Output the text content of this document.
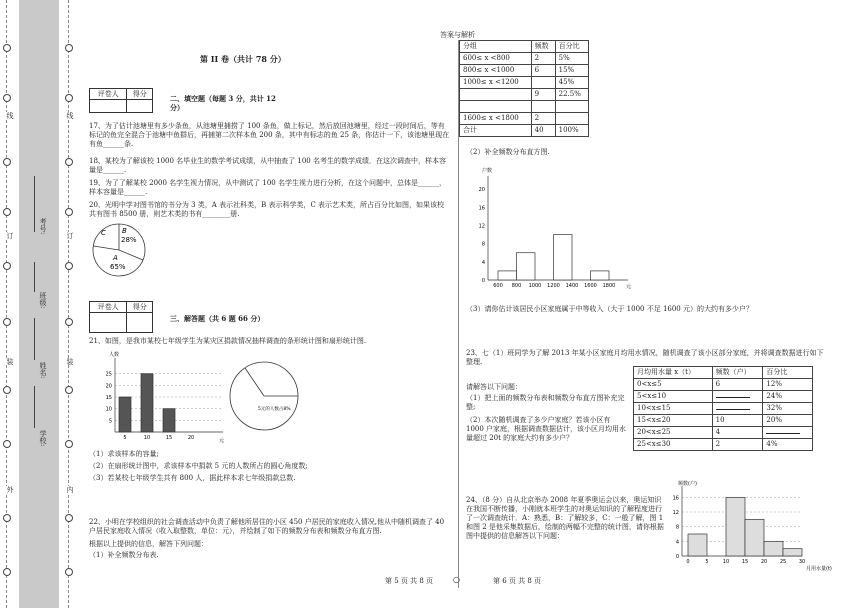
线
订
装
外
线
订
装
内
考号:
班级:
姓名:
学校:
答案与解析
第 II 卷（共计 78 分）
评卷人	得分
		二、填空题（每题 3 分，共计 12 分）
17、为了估计池塘里有多少条鱼，从池塘里捕捞了 100 条鱼，做上标记，然后放回池塘里，经过一段时间后，等有标记的鱼完全混合于池塘中鱼群后，再捕第二次样本鱼 200 条，其中有标志的鱼 25 条，你估计一下，该池塘里现在有鱼______条.
18、某校为了解该校 1000 名毕业生的数学考试成绩，从中抽查了 100 名考生的数学成绩．在这次调查中，样本容量是______.
19、为了了解某校 2000 名学生视力情况，从中测试了 100 名学生视力进行分析，在这个问题中，总体是______，样本容量是______.
20、光明中学对图书馆的书分为 3 类，A 表示社科类，B 表示科学类，C 表示艺术类，所占百分比如图，如果该校共有图书 8500 册，则艺术类的书有________册.
C B
28%
A
65%
评卷人	得分

三、解答题（共 6 题 66 分）
21、如图，是我市某校七年级学生为某灾区捐款情况抽样调查的条形统计图和扇形统计图.
5
10
15
20
25
5	10	15	20
人数
元
5元的人数占8%
（1）求该样本的容量;
（2）在扇形统计图中，求该样本中捐款 5 元的人数所占的圆心角度数;
（3）若某校七年级学生共有 800 人，据此样本求七年级捐款总数.
22、小明在学校组织的社会调查活动中负责了解他所居住的小区 450 户居民的家庭收入情况,他从中随机调查了 40 户居民家庭收入情况（收入取整数，单位：元），并绘制了如下的频数分布表和频数分布直方图.
根据以上提供的信息，解答下列问题：
（1）补全频数分布表.
第 5 页 共 8 页 ○
分组	频数	百分比
600≤ x <800	2	5%
800≤ x <1000	6	15%
1000≤ x <1200		45%
	9	22.5%

1600≤ x <1800	2	
合计	40	100%
（2）补全频数分布直方图.
0
4
8
12
16
20
600 800 1000 1200 1400 1600 1800
户数
元
（3）请你估计该居民小区家庭属于中等收入（大于 1000 不足 1600 元）的大约有多少户？
23、七（1）班同学为了解 2013 年某小区家庭月均用水情况，随机调查了该小区部分家庭，并将调查数据进行如下整理.
请解答以下问题：
（1）把上面的频数分布表和频数分布直方图补充完整;
（2）本次随机调查了多少户家庭？若该小区有 1000 户家庭，根据调查数据估计，该小区月均用水量超过 20t 的家庭大约有多少户？
月均用水量 x（t）	频数（户）	百分比
0<x≤5	6	12%
5<x≤10		24%
10<x≤15		32%
15<x≤20	10	20%
20<x≤25	4	
25<x≤30	2	4%
24、（8 分）自从北京举办 2008 年夏季奥运会以来，奥运知识在我国不断传播，小刚就本班学生的对奥运知识的了解程度进行了一次调查统计．A：熟悉，B：了解较多，C：一般了解，图 1 和图 2 是他采集数据后，绘制的两幅不完整的统计图，请你根据图中提供的信息解答以下问题：
0
4
8
12
16
0	5	10	15	20	25	30
频数(户)
月用水量(t)
第 6 页 共 8 页
